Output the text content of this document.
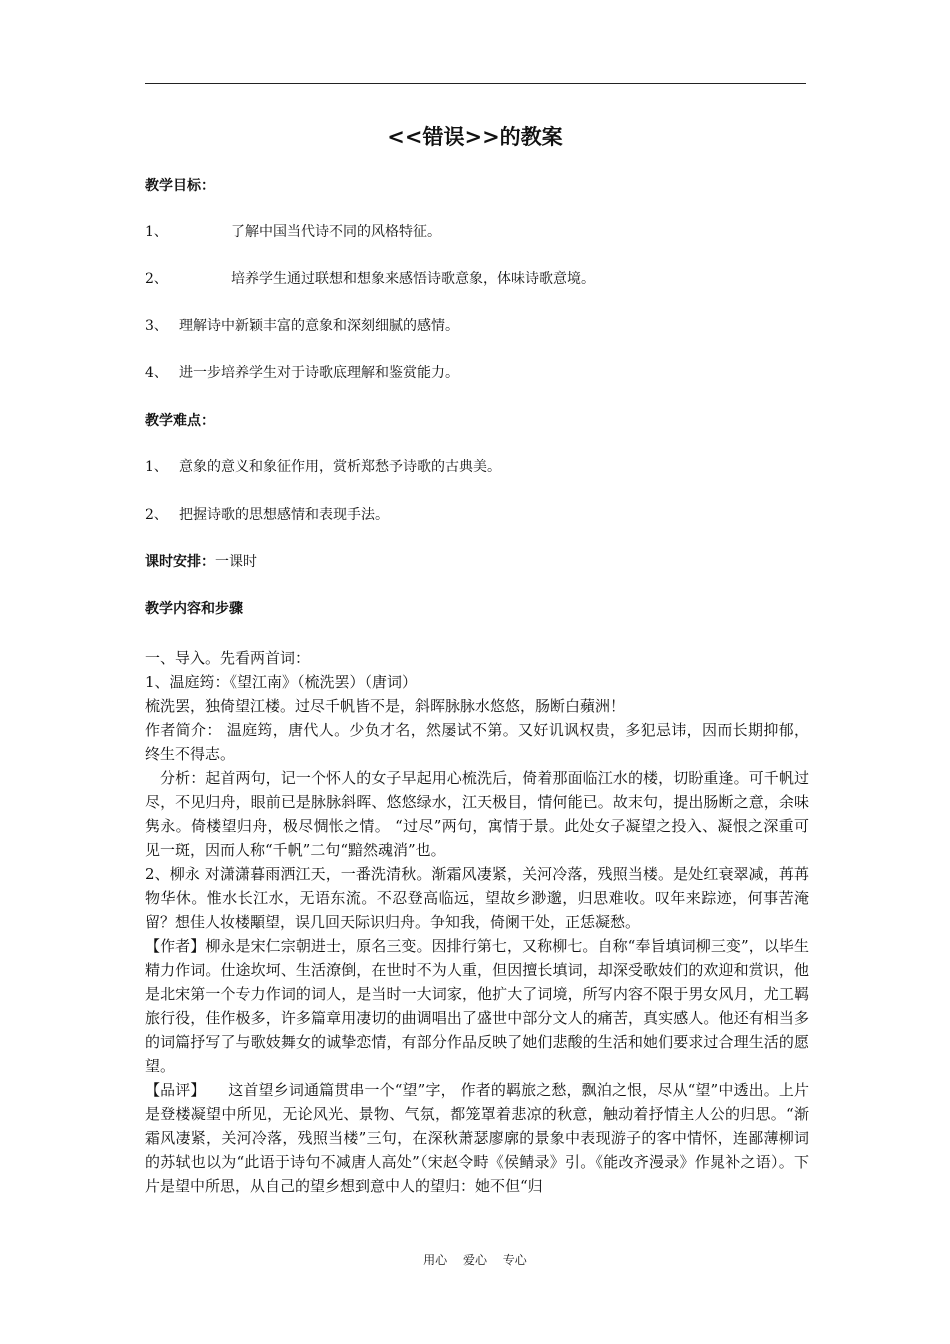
<<错误>>的教案
教学目标：
1、	了解中国当代诗不同的风格特征。
2、	培养学生通过联想和想象来感悟诗歌意象，体味诗歌意境。
3、 理解诗中新颖丰富的意象和深刻细腻的感情。
4、 进一步培养学生对于诗歌底理解和鉴赏能力。
教学难点：
1、 意象的意义和象征作用，赏析郑愁予诗歌的古典美。
2、 把握诗歌的思想感情和表现手法。
课时安排：一课时
教学内容和步骤

一、导入。先看两首词：

1、温庭筠：《望江南》（梳洗罢）（唐词）

梳洗罢，独倚望江楼。过尽千帆皆不是，斜晖脉脉水悠悠，肠断白蘋洲！

作者简介： 温庭筠，唐代人。少负才名，然屡试不第。又好讥讽权贵，多犯忌讳，因而长期抑郁，终生不得志。

分析：起首两句，记一个怀人的女子早起用心梳洗后，倚着那面临江水的楼，切盼重逢。可千帆过尽，不见归舟，眼前已是脉脉斜晖、悠悠绿水，江天极目，情何能已。故末句，提出肠断之意，余味隽永。倚楼望归舟，极尽惆怅之情。 “过尽”两句，寓情于景。此处女子凝望之投入、凝恨之深重可见一斑，因而人称“千帆”二句“黯然魂消”也。

2、柳永 对潇潇暮雨洒江天，一番洗清秋。渐霜风凄紧，关河冷落，残照当楼。是处红衰翠减，苒苒物华休。惟水长江水，无语东流。不忍登高临远，望故乡渺邈，归思难收。叹年来踪迹，何事苦淹留？想佳人妆楼顒望，误几回天际识归舟。争知我，倚阑干处，正恁凝愁。

【作者】柳永是宋仁宗朝进士，原名三变。因排行第七，又称柳七。自称“奉旨填词柳三变”，以毕生精力作词。仕途坎坷、生活潦倒，在世时不为人重，但因擅长填词，却深受歌妓们的欢迎和赏识，他是北宋第一个专力作词的词人，是当时一大词家，他扩大了词境，所写内容不限于男女风月，尤工羁旅行役，佳作极多，许多篇章用凄切的曲调唱出了盛世中部分文人的痛苦，真实感人。他还有相当多的词篇抒写了与歌妓舞女的诚挚恋情，有部分作品反映了她们悲酸的生活和她们要求过合理生活的愿望。

【品评】　　这首望乡词通篇贯串一个“望”字， 作者的羁旅之愁，飘泊之恨，尽从“望”中透出。上片是登楼凝望中所见，无论风光、景物、气氛，都笼罩着悲凉的秋意，触动着抒情主人公的归思。“渐霜风凄紧，关河冷落，残照当楼”三句，在深秋萧瑟廖廓的景象中表现游子的客中情怀，连鄙薄柳词的苏轼也以为“此语于诗句不减唐人高处”（宋赵令畤《侯鲭录》引。《能改齐漫录》作晁补之语）。下片是望中所思，从自己的望乡想到意中人的望归：她不但“归

用心 爱心 专心
